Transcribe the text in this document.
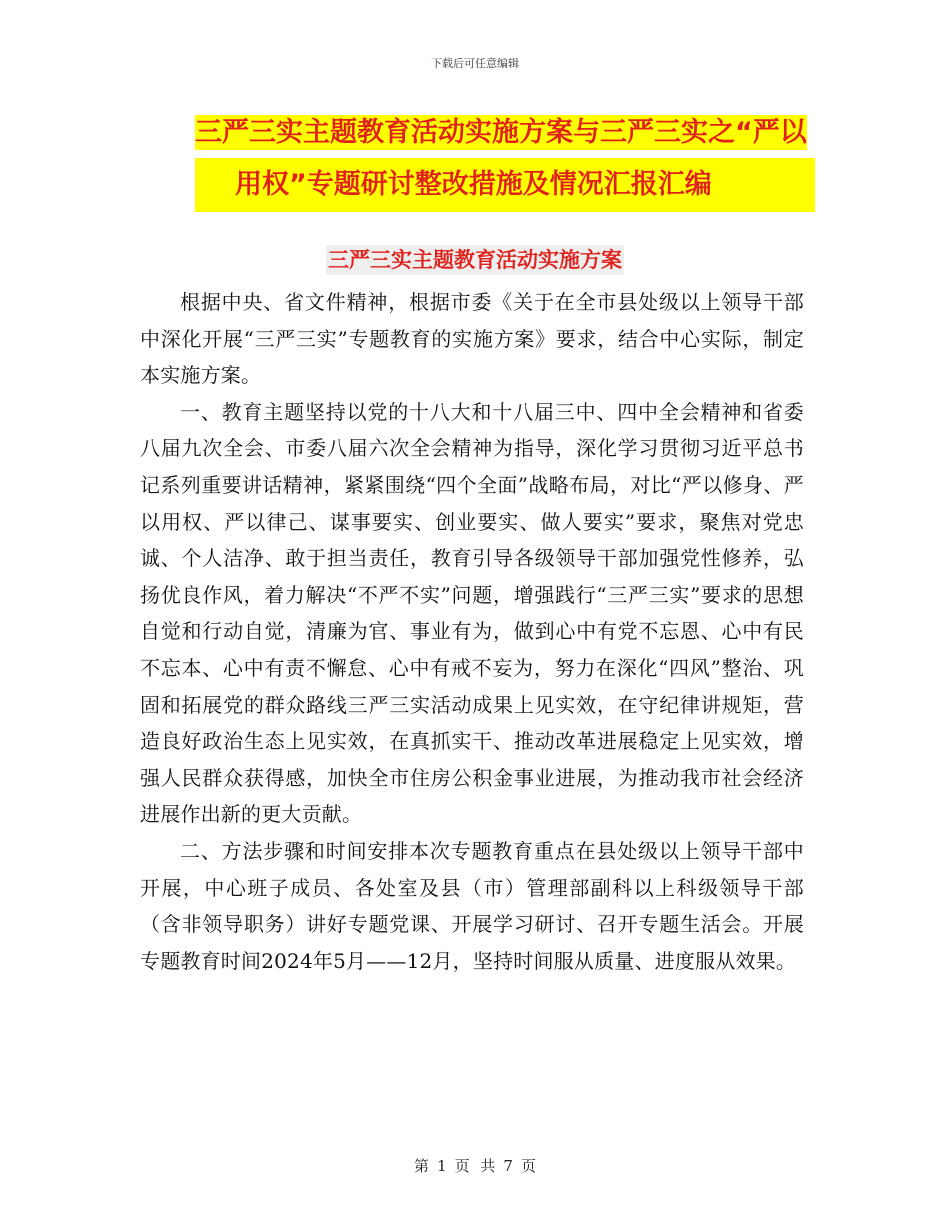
下载后可任意编辑
三严三实主题教育活动实施方案与三严三实之“严以
用权”专题研讨整改措施及情况汇报汇编
三严三实主题教育活动实施方案

根据中央、省文件精神，根据市委《关于在全市县处级以上领导干部中深化开展“三严三实”专题教育的实施方案》要求，结合中心实际，制定本实施方案。

一、教育主题坚持以党的十八大和十八届三中、四中全会精神和省委八届九次全会、市委八届六次全会精神为指导，深化学习贯彻习近平总书记系列重要讲话精神，紧紧围绕“四个全面”战略布局，对比“严以修身、严以用权、严以律己、谋事要实、创业要实、做人要实”要求，聚焦对党忠诚、个人洁净、敢于担当责任，教育引导各级领导干部加强党性修养，弘扬优良作风，着力解决“不严不实”问题，增强践行“三严三实”要求的思想自觉和行动自觉，清廉为官、事业有为，做到心中有党不忘恩、心中有民不忘本、心中有责不懈怠、心中有戒不妄为，努力在深化“四风”整治、巩固和拓展党的群众路线三严三实活动成果上见实效，在守纪律讲规矩，营造良好政治生态上见实效，在真抓实干、推动改革进展稳定上见实效，增强人民群众获得感，加快全市住房公积金事业进展，为推动我市社会经济进展作出新的更大贡献。

二、方法步骤和时间安排本次专题教育重点在县处级以上领导干部中开展，中心班子成员、各处室及县（市）管理部副科以上科级领导干部（含非领导职务）讲好专题党课、开展学习研讨、召开专题生活会。开展专题教育时间2024年5月——12月，坚持时间服从质量、进度服从效果。

第 1 页 共 7 页
